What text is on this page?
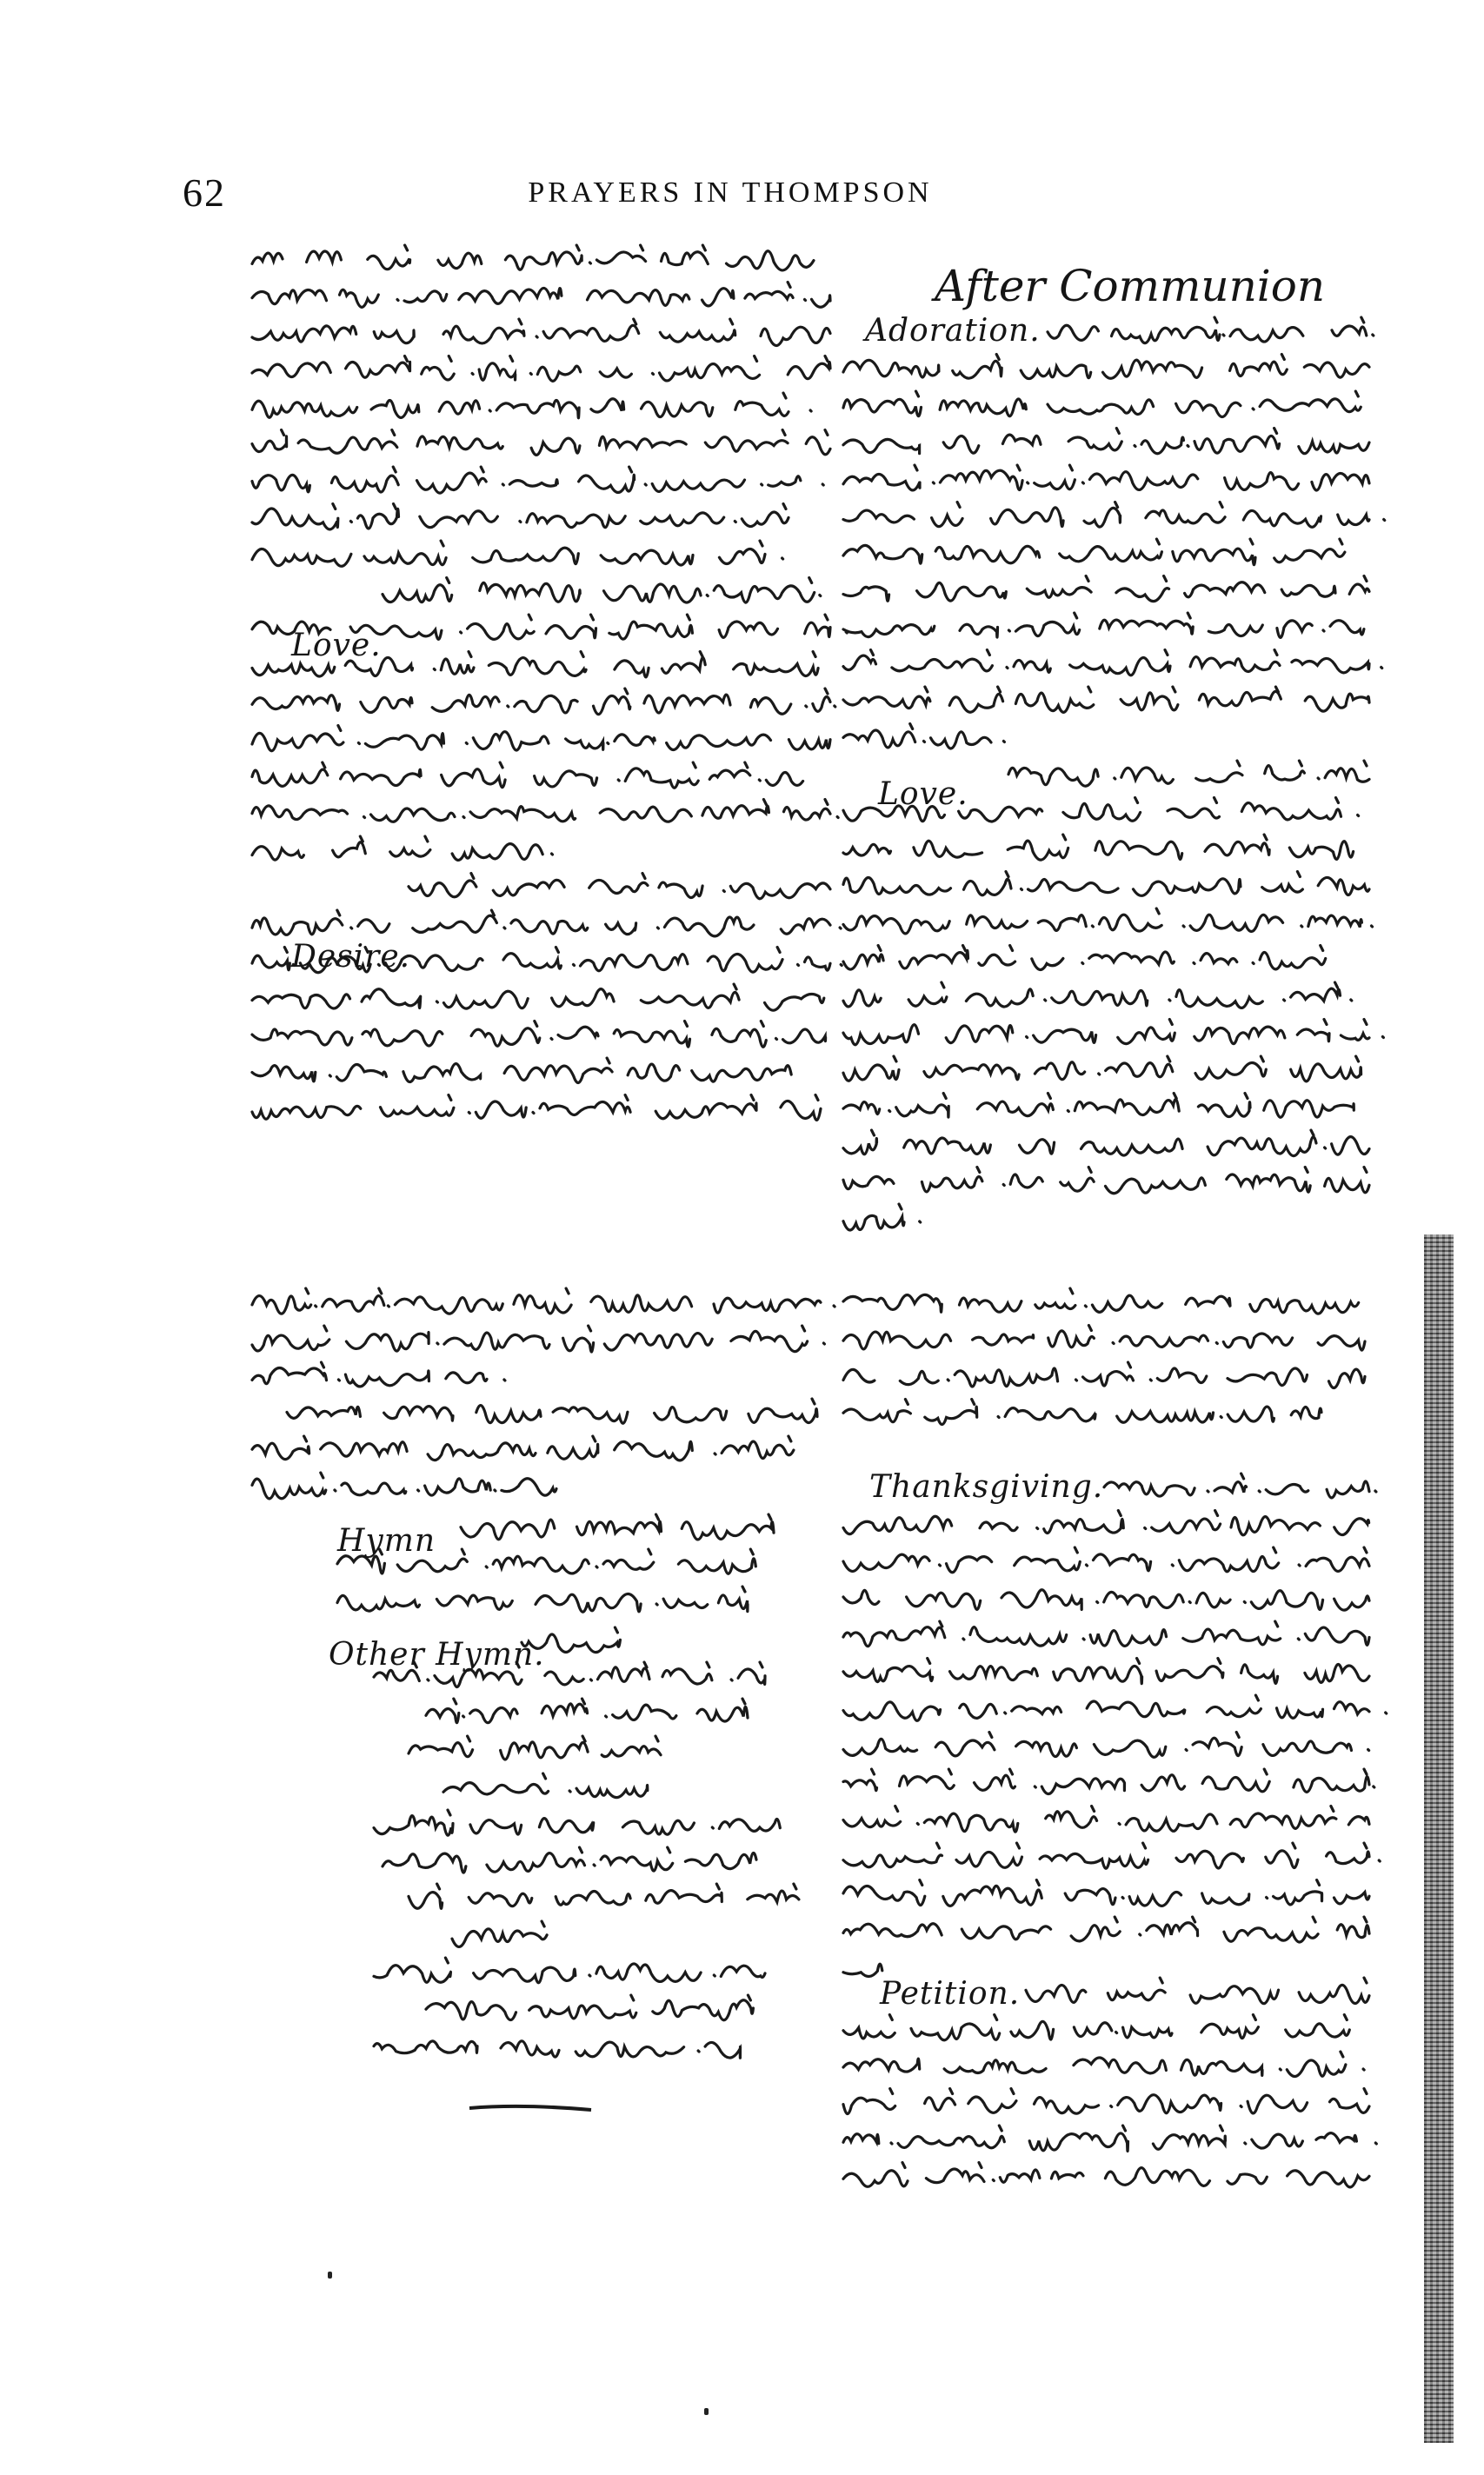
62	PRAYERS IN THOMPSON
After Communion
Adoration.
Love.
Thanksgiving.
Petition.
Love.
Desire.
Hymn
Other Hymn.
